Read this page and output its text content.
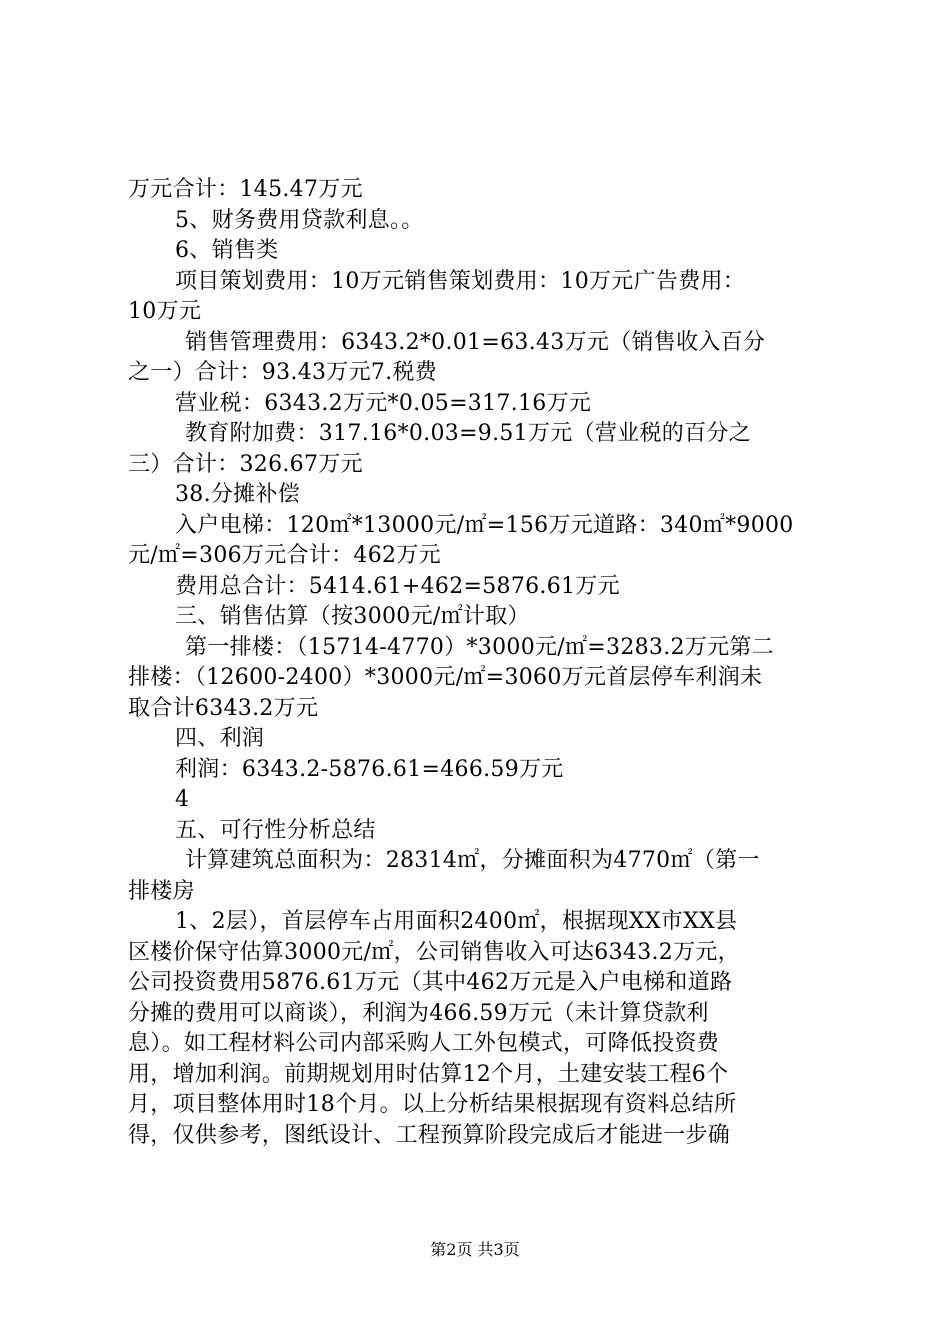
万元合计：145.47万元
5、财务费用贷款利息。。
6、销售类
项目策划费用：10万元销售策划费用：10万元广告费用：
10万元
销售管理费用：6343.2*0.01=63.43万元（销售收入百分
之一）合计：93.43万元7.税费
营业税：6343.2万元*0.05=317.16万元
教育附加费：317.16*0.03=9.51万元（营业税的百分之
三）合计：326.67万元
38.分摊补偿
入户电梯：120㎡*13000元/㎡=156万元道路：340㎡*9000
元/㎡=306万元合计：462万元
费用总合计：5414.61+462=5876.61万元
三、销售估算（按3000元/㎡计取）
第一排楼：（15714-4770）*3000元/㎡=3283.2万元第二
排楼：（12600-2400）*3000元/㎡=3060万元首层停车利润未
取合计6343.2万元
四、利润
利润：6343.2-5876.61=466.59万元
4
五、可行性分析总结
计算建筑总面积为：28314㎡，分摊面积为4770㎡（第一
排楼房
1、2层），首层停车占用面积2400㎡，根据现XX市XX县
区楼价保守估算3000元/㎡，公司销售收入可达6343.2万元，
公司投资费用5876.61万元（其中462万元是入户电梯和道路
分摊的费用可以商谈），利润为466.59万元（未计算贷款利
息）。如工程材料公司内部采购人工外包模式，可降低投资费
用，增加利润。前期规划用时估算12个月，土建安装工程6个
月，项目整体用时18个月。以上分析结果根据现有资料总结所
得，仅供参考，图纸设计、工程预算阶段完成后才能进一步确
第2页 共3页
